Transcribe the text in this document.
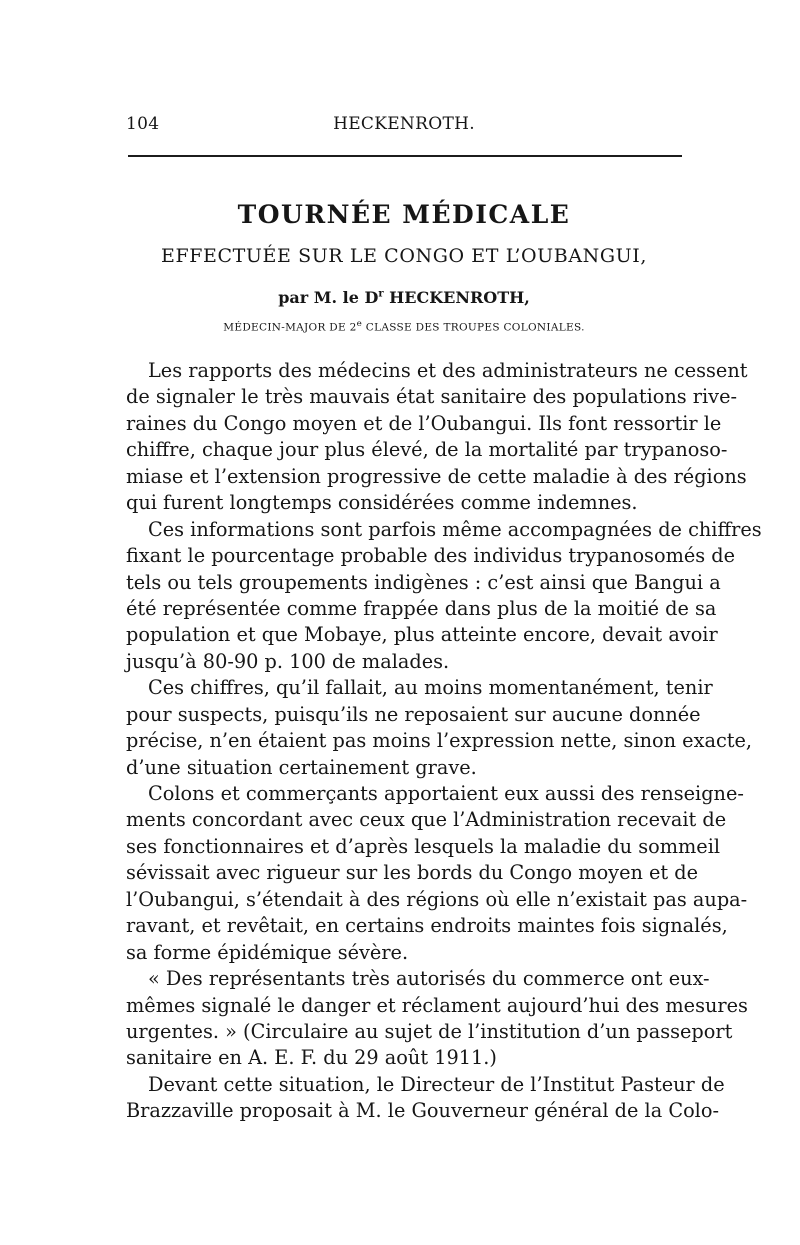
104	HECKENROTH.
TOURNÉE MÉDICALE
EFFECTUÉE SUR LE CONGO ET L’OUBANGUI,
par M. le $D^r$ HECKENROTH,
MÉDECIN-MAJOR DE 2e CLASSE DES TROUPES COLONIALES.
Les rapports des médecins et des administrateurs ne cessent
de signaler le très mauvais état sanitaire des populations rive-
raines du Congo moyen et de l’Oubangui. Ils font ressortir le
chiffre, chaque jour plus élevé, de la mortalité par trypanoso-
miase et l’extension progressive de cette maladie à des régions
qui furent longtemps considérées comme indemnes.
Ces informations sont parfois même accompagnées de chiffres
fixant le pourcentage probable des individus trypanosomés de
tels ou tels groupements indigènes : c’est ainsi que Bangui a
été représentée comme frappée dans plus de la moitié de sa
population et que Mobaye, plus atteinte encore, devait avoir
jusqu’à 80-90 p. 100 de malades.
Ces chiffres, qu’il fallait, au moins momentanément, tenir
pour suspects, puisqu’ils ne reposaient sur aucune donnée
précise, n’en étaient pas moins l’expression nette, sinon exacte,
d’une situation certainement grave.
Colons et commerçants apportaient eux aussi des renseigne-
ments concordant avec ceux que l’Administration recevait de
ses fonctionnaires et d’après lesquels la maladie du sommeil
sévissait avec rigueur sur les bords du Congo moyen et de
l’Oubangui, s’étendait à des régions où elle n’existait pas aupa-
ravant, et revêtait, en certains endroits maintes fois signalés,
sa forme épidémique sévère.
« Des représentants très autorisés du commerce ont eux-
mêmes signalé le danger et réclament aujourd’hui des mesures
urgentes. » (Circulaire au sujet de l’institution d’un passeport
sanitaire en A. E. F. du 29 août 1911.)
Devant cette situation, le Directeur de l’Institut Pasteur de
Brazzaville proposait à M. le Gouverneur général de la Colo-
